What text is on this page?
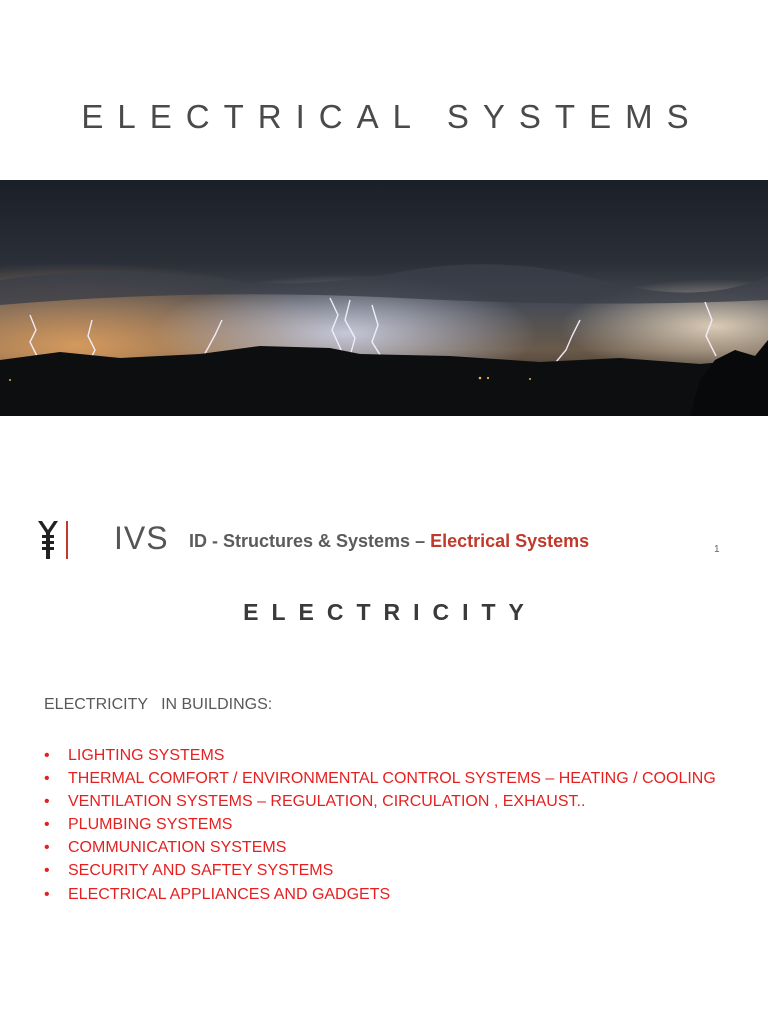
ELECTRICAL SYSTEMS
IVS ID - Structures & Systems – Electrical Systems	1
ELECTRICITY
ELECTRICITY   IN BUILDINGS:
• LIGHTING SYSTEMS
• THERMAL COMFORT / ENVIRONMENTAL CONTROL SYSTEMS – HEATING / COOLING
• VENTILATION SYSTEMS – REGULATION, CIRCULATION , EXHAUST..
• PLUMBING SYSTEMS
• COMMUNICATION SYSTEMS
• SECURITY AND SAFTEY SYSTEMS
• ELECTRICAL APPLIANCES AND GADGETS
